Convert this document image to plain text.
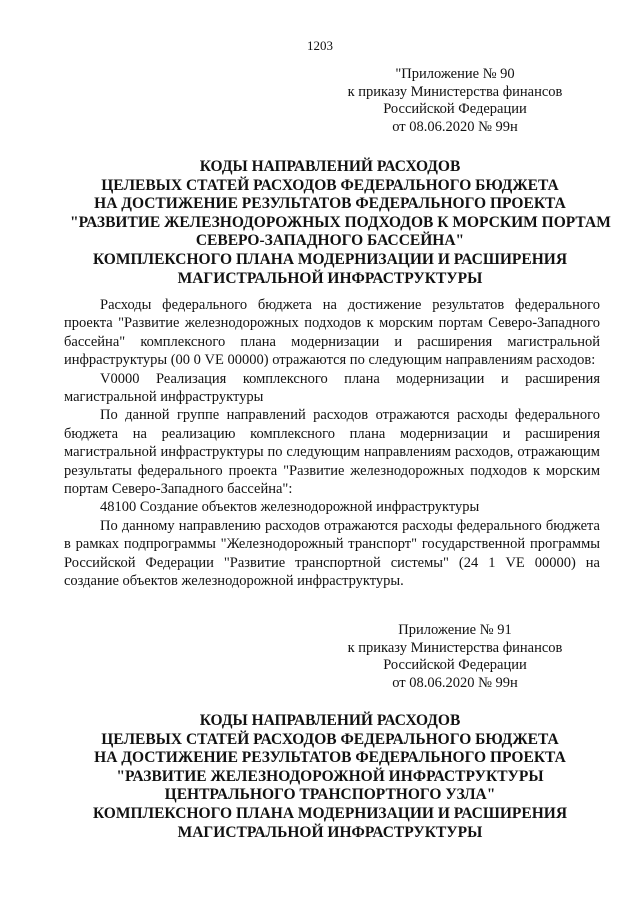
1203
"Приложение № 90
к приказу Министерства финансов
Российской Федерации
от 08.06.2020 № 99н
КОДЫ НАПРАВЛЕНИЙ РАСХОДОВ
ЦЕЛЕВЫХ СТАТЕЙ РАСХОДОВ ФЕДЕРАЛЬНОГО БЮДЖЕТА
НА ДОСТИЖЕНИЕ РЕЗУЛЬТАТОВ ФЕДЕРАЛЬНОГО ПРОЕКТА
"РАЗВИТИЕ ЖЕЛЕЗНОДОРОЖНЫХ ПОДХОДОВ К МОРСКИМ ПОРТАМ
СЕВЕРО-ЗАПАДНОГО БАССЕЙНА"
КОМПЛЕКСНОГО ПЛАНА МОДЕРНИЗАЦИИ И РАСШИРЕНИЯ
МАГИСТРАЛЬНОЙ ИНФРАСТРУКТУРЫ

Расходы федерального бюджета на достижение результатов федерального проекта "Развитие железнодорожных подходов к морским портам Северо-Западного бассейна" комплексного плана модернизации и расширения магистральной инфраструктуры (00 0 VE 00000) отражаются по следующим направлениям расходов:

V0000 Реализация комплексного плана модернизации и расширения магистральной инфраструктуры

По данной группе направлений расходов отражаются расходы федерального бюджета на реализацию комплексного плана модернизации и расширения магистральной инфраструктуры по следующим направлениям расходов, отражающим результаты федерального проекта "Развитие железнодорожных подходов к морским портам Северо-Западного бассейна":

48100 Создание объектов железнодорожной инфраструктуры

По данному направлению расходов отражаются расходы федерального бюджета в рамках подпрограммы "Железнодорожный транспорт" государственной программы Российской Федерации "Развитие транспортной системы" (24 1 VE 00000) на создание объектов железнодорожной инфраструктуры.

Приложение № 91
к приказу Министерства финансов
Российской Федерации
от 08.06.2020 № 99н
КОДЫ НАПРАВЛЕНИЙ РАСХОДОВ
ЦЕЛЕВЫХ СТАТЕЙ РАСХОДОВ ФЕДЕРАЛЬНОГО БЮДЖЕТА
НА ДОСТИЖЕНИЕ РЕЗУЛЬТАТОВ ФЕДЕРАЛЬНОГО ПРОЕКТА
"РАЗВИТИЕ ЖЕЛЕЗНОДОРОЖНОЙ ИНФРАСТРУКТУРЫ
ЦЕНТРАЛЬНОГО ТРАНСПОРТНОГО УЗЛА"
КОМПЛЕКСНОГО ПЛАНА МОДЕРНИЗАЦИИ И РАСШИРЕНИЯ
МАГИСТРАЛЬНОЙ ИНФРАСТРУКТУРЫ
